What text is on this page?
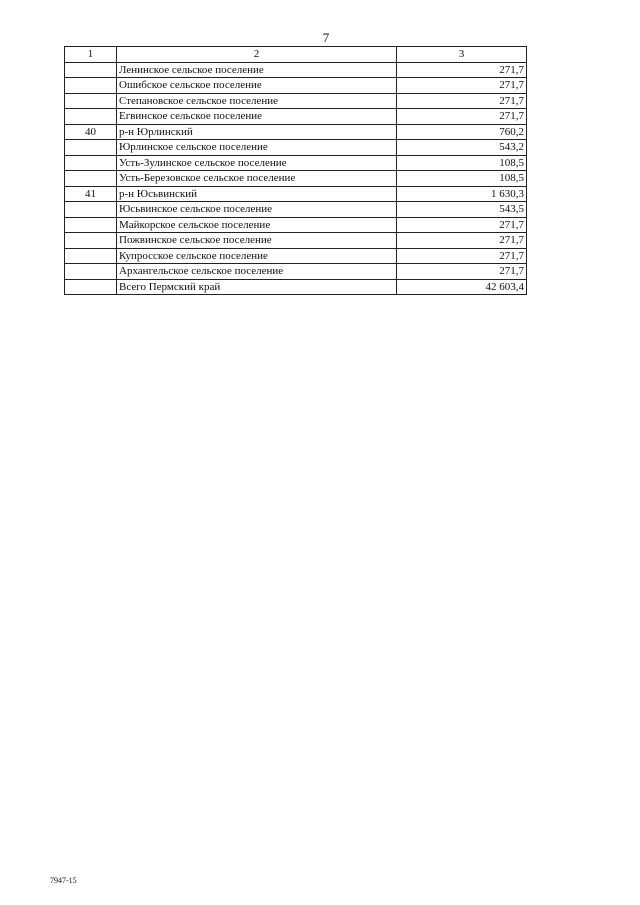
7
1	2	3
	Ленинское сельское поселение	271,7
	Ошибское сельское поселение	271,7
	Степановское сельское поселение	271,7
	Егвинское сельское поселение	271,7
40	р-н Юрлинский	760,2
	Юрлинское сельское поселение	543,2
	Усть-Зулинское сельское поселение	108,5
	Усть-Березовское сельское поселение	108,5
41	р-н Юсьвинский	1 630,3
	Юсьвинское сельское поселение	543,5
	Майкорское сельское поселение	271,7
	Пожвинское сельское поселение	271,7
	Купросское сельское поселение	271,7
	Архангельское сельское поселение	271,7
	Всего Пермский край	42 603,4
7947-15
